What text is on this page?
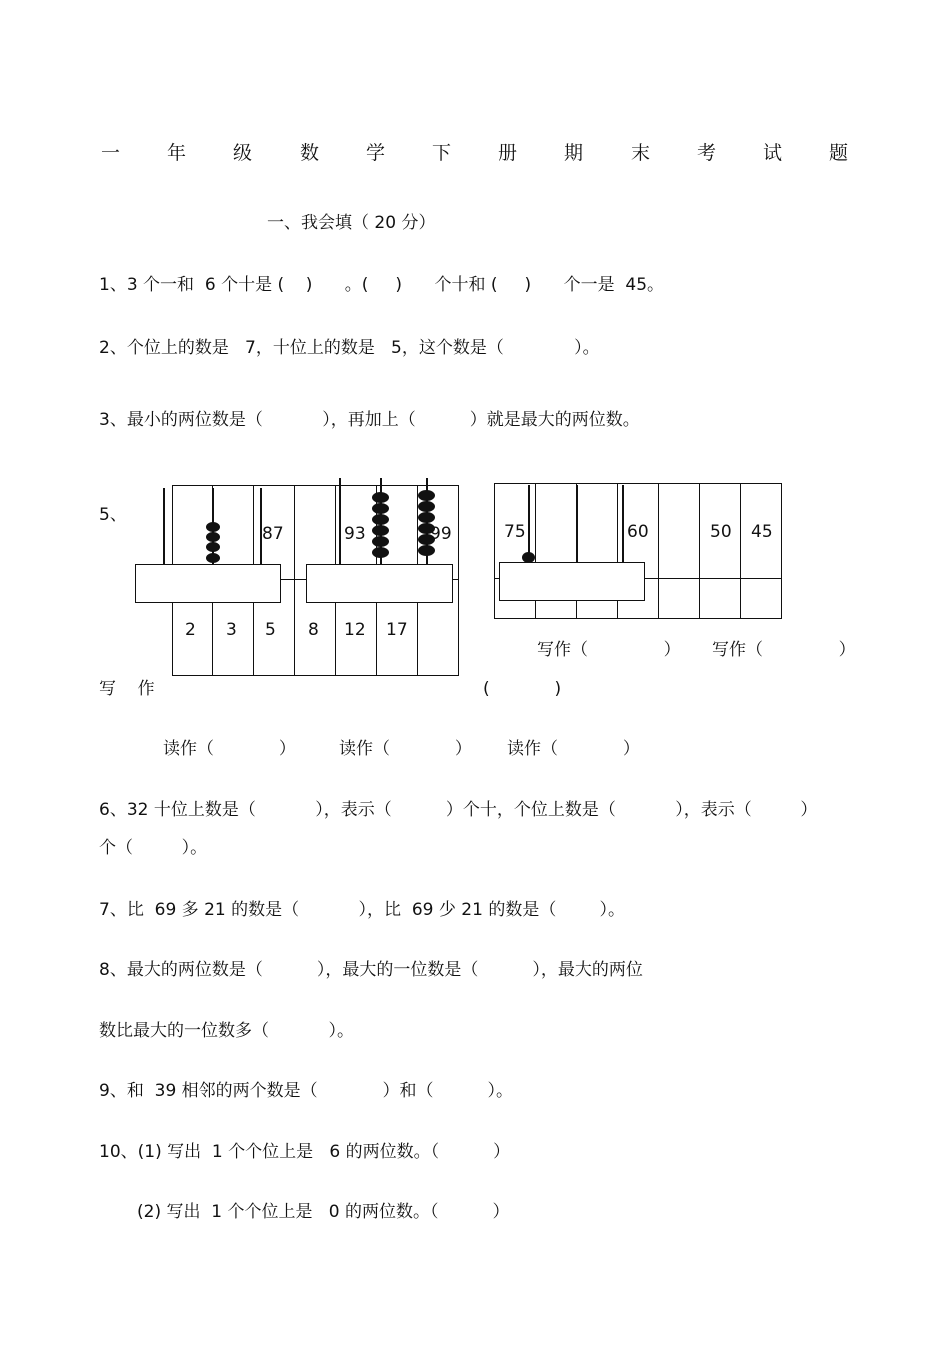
一 年 级	数 学 下 册 期	末 考 试 题
一、我会填（ 20 分）
1、3 个一和  6 个十是 (    )      。(     )      个十和 (     )      个一是  45。
2、个位上的数是   7，十位上的数是   5，这个数是（             ）。
3、最小的两位数是（           ），再加上（          ）就是最大的两位数。
5、
87	93	99
2 3 5 8 12 17
75	60	50 45
写作（              ） 写作（              ）
写    作	(            )
读作（            ）	读作（            ） 读作（            ）
6、32 十位上数是（           ），表示（          ）个十，个位上数是（           ），表示（         ）
个（         ）。
7、比  69 多 21 的数是（           ），比  69 少 21 的数是（        ）。
8、最大的两位数是（          ），最大的一位数是（          ），最大的两位
数比最大的一位数多（           ）。
9、和  39 相邻的两个数是（            ）和（          ）。
10、(1) 写出  1 个个位上是   6 的两位数。（          ）
(2) 写出  1 个个位上是   0 的两位数。（          ）
